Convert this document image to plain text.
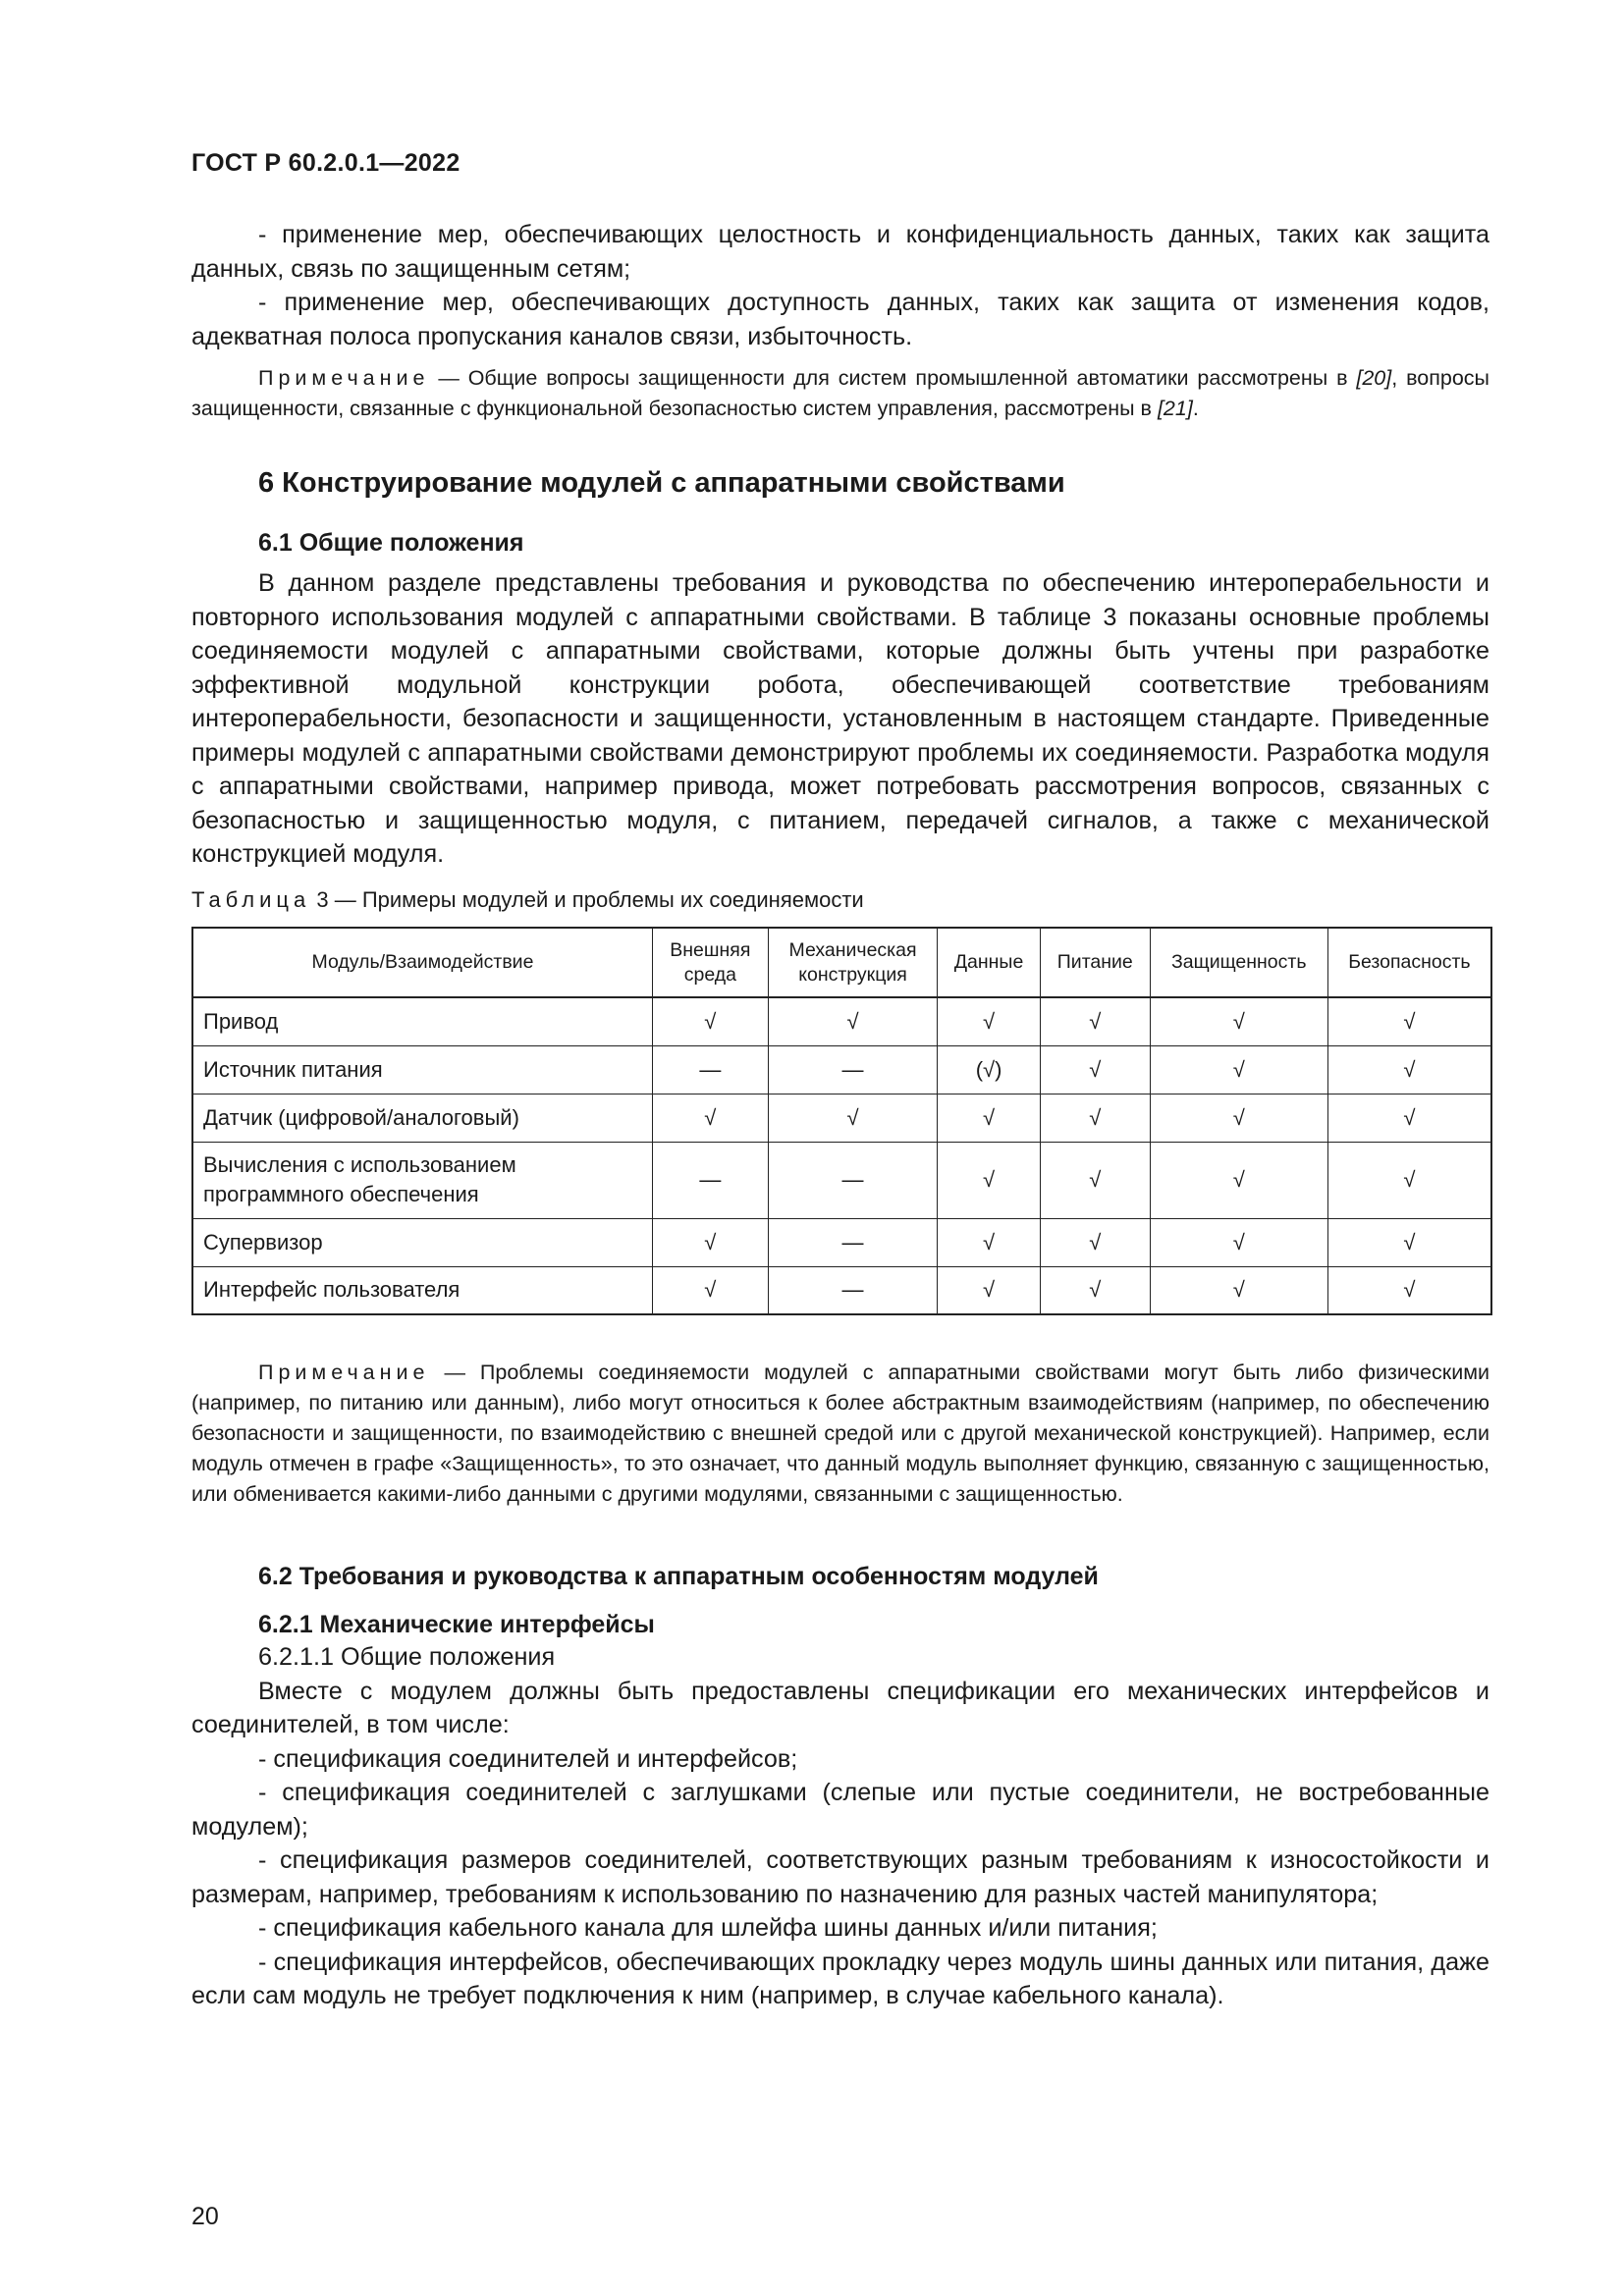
ГОСТ Р 60.2.0.1—2022

- применение мер, обеспечивающих целостность и конфиденциальность данных, таких как защита данных, связь по защищенным сетям;

- применение мер, обеспечивающих доступность данных, таких как защита от изменения кодов, адекватная полоса пропускания каналов связи, избыточность.

Примечание — Общие вопросы защищенности для систем промышленной автоматики рассмотрены в [20], вопросы защищенности, связанные с функциональной безопасностью систем управления, рассмотрены в [21].

6 Конструирование модулей с аппаратными свойствами
6.1 Общие положения

В данном разделе представлены требования и руководства по обеспечению интероперабельности и повторного использования модулей с аппаратными свойствами. В таблице 3 показаны основные проблемы соединяемости модулей с аппаратными свойствами, которые должны быть учтены при разработке эффективной модульной конструкции робота, обеспечивающей соответствие требованиям интероперабельности, безопасности и защищенности, установленным в настоящем стандарте. Приведенные примеры модулей с аппаратными свойствами демонстрируют проблемы их соединяемости. Разработка модуля с аппаратными свойствами, например привода, может потребовать рассмотрения вопросов, связанных с безопасностью и защищенностью модуля, с питанием, передачей сигналов, а также с механической конструкцией модуля.

Таблица 3 — Примеры модулей и проблемы их соединяемости
Модуль/Взаимодействие	Внешняя среда	Механическая конструкция	Данные	Питание	Защищенность	Безопасность
Привод	√	√	√	√	√	√
Источник питания	—	—	(√)	√	√	√
Датчик (цифровой/аналоговый)	√	√	√	√	√	√
Вычисления с использованием программного обеспечения	—	—	√	√	√	√
Супервизор	√	—	√	√	√	√
Интерфейс пользователя	√	—	√	√	√	√

Примечание — Проблемы соединяемости модулей с аппаратными свойствами могут быть либо физическими (например, по питанию или данным), либо могут относиться к более абстрактным взаимодействиям (например, по обеспечению безопасности и защищенности, по взаимодействию с внешней средой или с другой механической конструкцией). Например, если модуль отмечен в графе «Защищенность», то это означает, что данный модуль выполняет функцию, связанную с защищенностью, или обменивается какими-либо данными с другими модулями, связанными с защищенностью.

6.2 Требования и руководства к аппаратным особенностям модулей
6.2.1 Механические интерфейсы

6.2.1.1 Общие положения

Вместе с модулем должны быть предоставлены спецификации его механических интерфейсов и соединителей, в том числе:

- спецификация соединителей и интерфейсов;

- спецификация соединителей с заглушками (слепые или пустые соединители, не востребованные модулем);

- спецификация размеров соединителей, соответствующих разным требованиям к износостойкости и размерам, например, требованиям к использованию по назначению для разных частей манипулятора;

- спецификация кабельного канала для шлейфа шины данных и/или питания;

- спецификация интерфейсов, обеспечивающих прокладку через модуль шины данных или питания, даже если сам модуль не требует подключения к ним (например, в случае кабельного канала).

20
